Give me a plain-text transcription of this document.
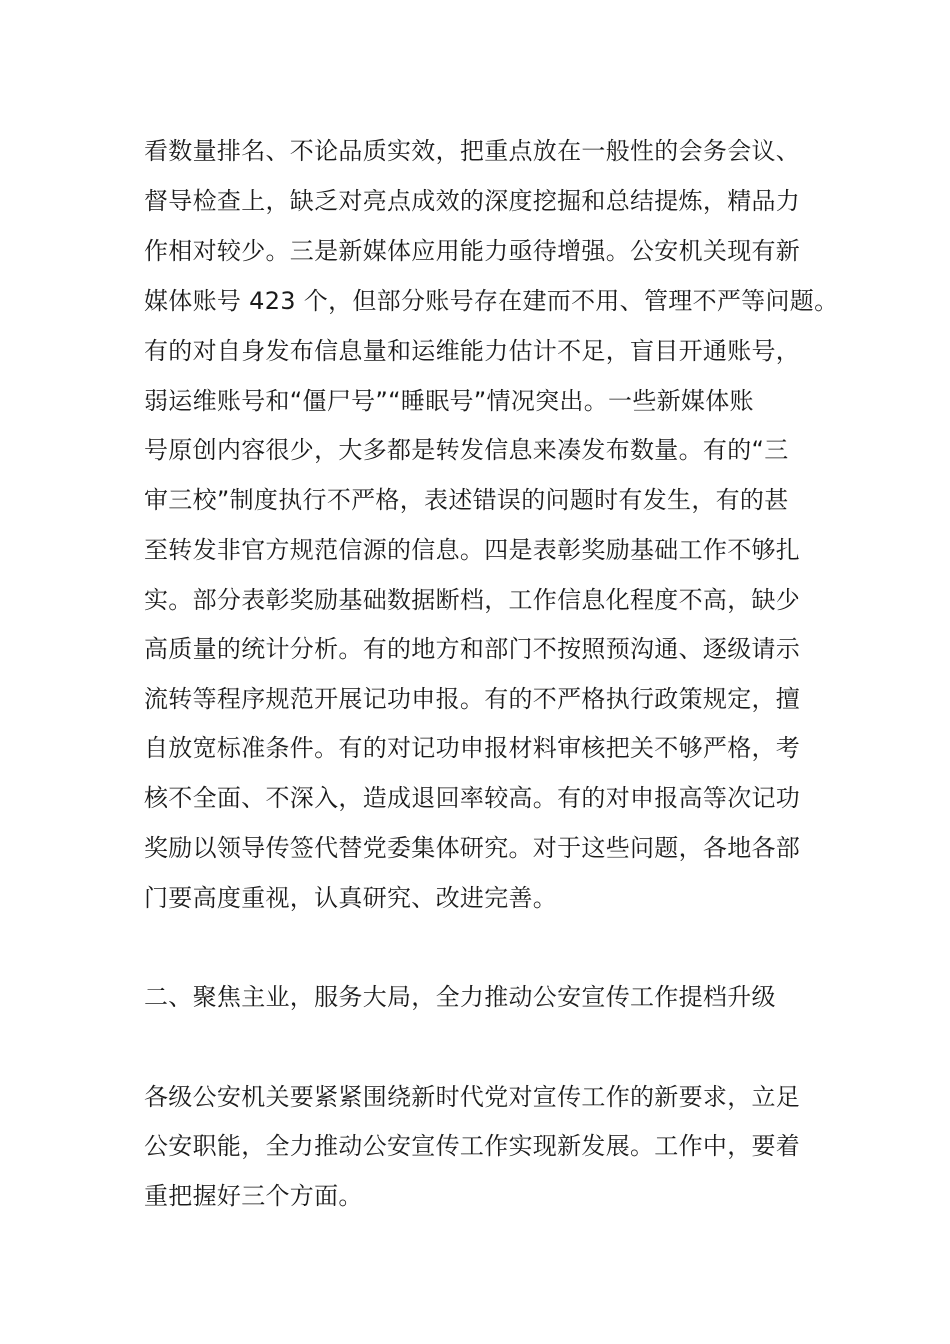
看数量排名、不论品质实效，把重点放在一般性的会务会议、
督导检查上，缺乏对亮点成效的深度挖掘和总结提炼，精品力
作相对较少。三是新媒体应用能力亟待增强。公安机关现有新
媒体账号 423 个，但部分账号存在建而不用、管理不严等问题。
有的对自身发布信息量和运维能力估计不足，盲目开通账号，
弱运维账号和“僵尸号”“睡眠号”情况突出。一些新媒体账
号原创内容很少，大多都是转发信息来凑发布数量。有的“三
审三校”制度执行不严格，表述错误的问题时有发生，有的甚
至转发非官方规范信源的信息。四是表彰奖励基础工作不够扎
实。部分表彰奖励基础数据断档，工作信息化程度不高，缺少
高质量的统计分析。有的地方和部门不按照预沟通、逐级请示
流转等程序规范开展记功申报。有的不严格执行政策规定，擅
自放宽标准条件。有的对记功申报材料审核把关不够严格，考
核不全面、不深入，造成退回率较高。有的对申报高等次记功
奖励以领导传签代替党委集体研究。对于这些问题，各地各部
门要高度重视，认真研究、改进完善。
二、聚焦主业，服务大局，全力推动公安宣传工作提档升级
各级公安机关要紧紧围绕新时代党对宣传工作的新要求，立足
公安职能，全力推动公安宣传工作实现新发展。工作中，要着
重把握好三个方面。
